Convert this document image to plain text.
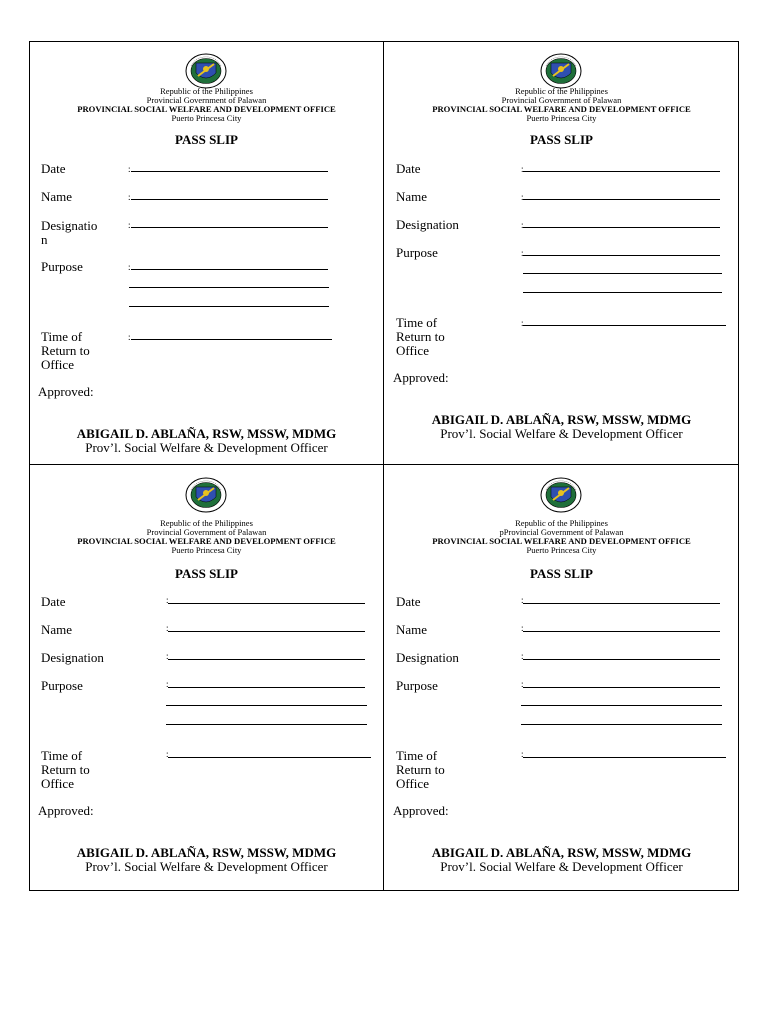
Republic of the Philippines
Provincial Government of Palawan
PROVINCIAL SOCIAL WELFARE AND DEVELOPMENT OFFICE
Puerto Princesa City
PASS SLIP
Date	:
Name	:
Designatio
n
:
Purpose	:
Time of
Return to
Office
:
Approved:
ABIGAIL D. ABLAÑA, RSW, MSSW, MDMG
Prov’l. Social Welfare & Development Officer
Republic of the Philippines
Provincial Government of Palawan
PROVINCIAL SOCIAL WELFARE AND DEVELOPMENT OFFICE
Puerto Princesa City
PASS SLIP
Date	:
Name	:
Designation	:
Purpose	:
Time of
Return to
Office
:
Approved:
ABIGAIL D. ABLAÑA, RSW, MSSW, MDMG
Prov’l. Social Welfare & Development Officer
Republic of the Philippines
Provincial Government of Palawan
PROVINCIAL SOCIAL WELFARE AND DEVELOPMENT OFFICE
Puerto Princesa City
PASS SLIP
Date	:
Name	:
Designation	:
Purpose	:
Time of
Return to
Office
:
Approved:
ABIGAIL D. ABLAÑA, RSW, MSSW, MDMG
Prov’l. Social Welfare & Development Officer
Republic of the Philippines
pProvincial Government of Palawan
PROVINCIAL SOCIAL WELFARE AND DEVELOPMENT OFFICE
Puerto Princesa City
PASS SLIP
Date	:
Name	:
Designation	:
Purpose	:
Time of
Return to
Office
:
Approved:
ABIGAIL D. ABLAÑA, RSW, MSSW, MDMG
Prov’l. Social Welfare & Development Officer
